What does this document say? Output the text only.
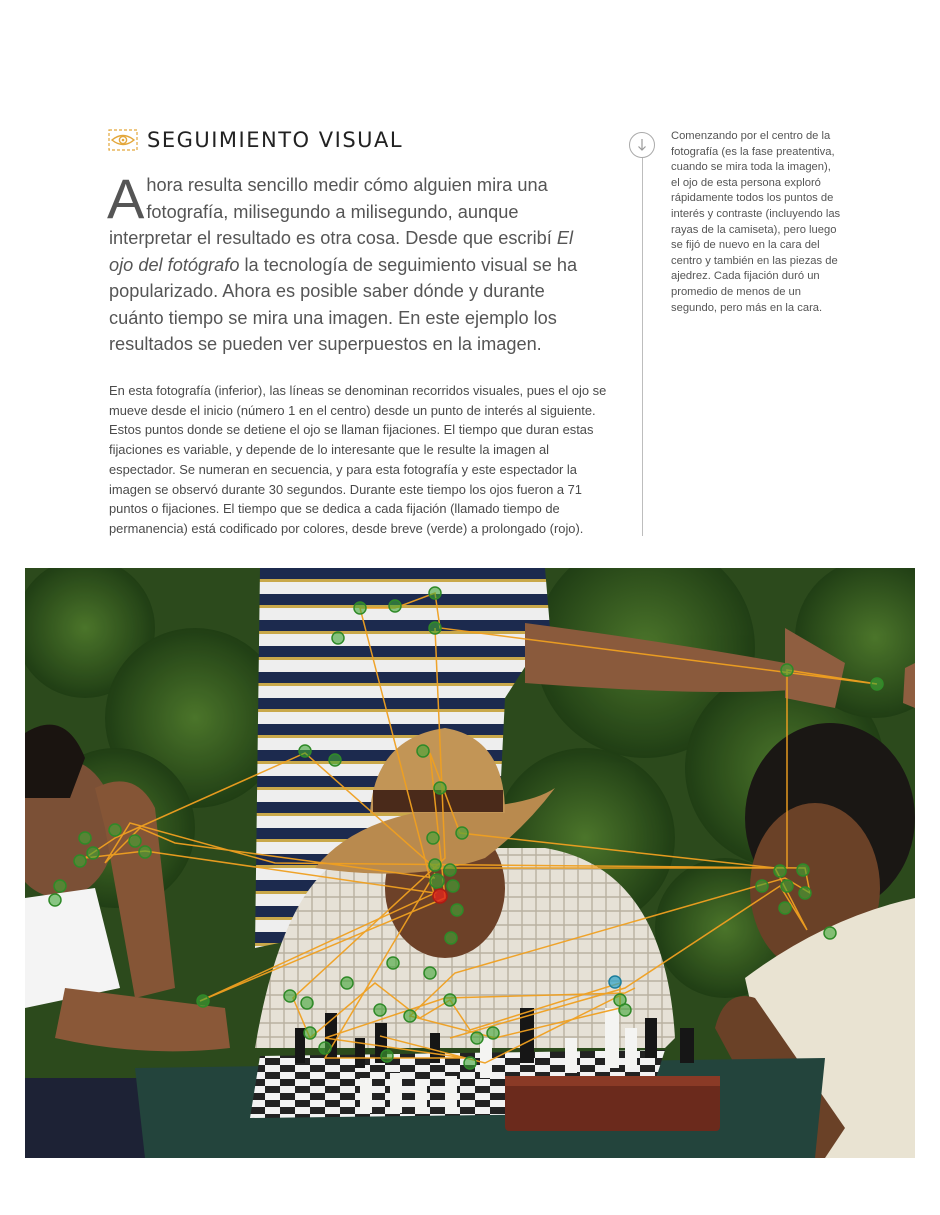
SEGUIMIENTO VISUAL

Ahora resulta sencillo medir cómo alguien mira una fotografía, milisegundo a milisegundo, aunque interpretar el resultado es otra cosa. Desde que escribí El ojo del fotógrafo la tecnología de seguimiento visual se ha popularizado. Ahora es posible saber dónde y durante cuánto tiempo se mira una imagen. En este ejemplo los resultados se pueden ver superpuestos en la imagen.

En esta fotografía (inferior), las líneas se denominan recorridos visuales, pues el ojo se mueve desde el inicio (número 1 en el centro) desde un punto de interés al siguiente. Estos puntos donde se detiene el ojo se llaman fijaciones. El tiempo que duran estas fijaciones es variable, y depende de lo interesante que le resulte la imagen al espectador. Se numeran en secuencia, y para esta fotografía y este espectador la imagen se observó durante 30 segundos. Durante este tiempo los ojos fueron a 71 puntos o fijaciones. El tiempo que se dedica a cada fijación (llamado tiempo de permanencia) está codificado por colores, desde breve (verde) a prolongado (rojo).

Comenzando por el centro de la fotografía (es la fase preatentiva, cuando se mira toda la imagen), el ojo de esta persona exploró rápidamente todos los puntos de interés y contraste (incluyendo las rayas de la camiseta), pero luego se fijó de nuevo en la cara del centro y también en las piezas de ajedrez. Cada fijación duró un promedio de menos de un segundo, pero más en la cara.
